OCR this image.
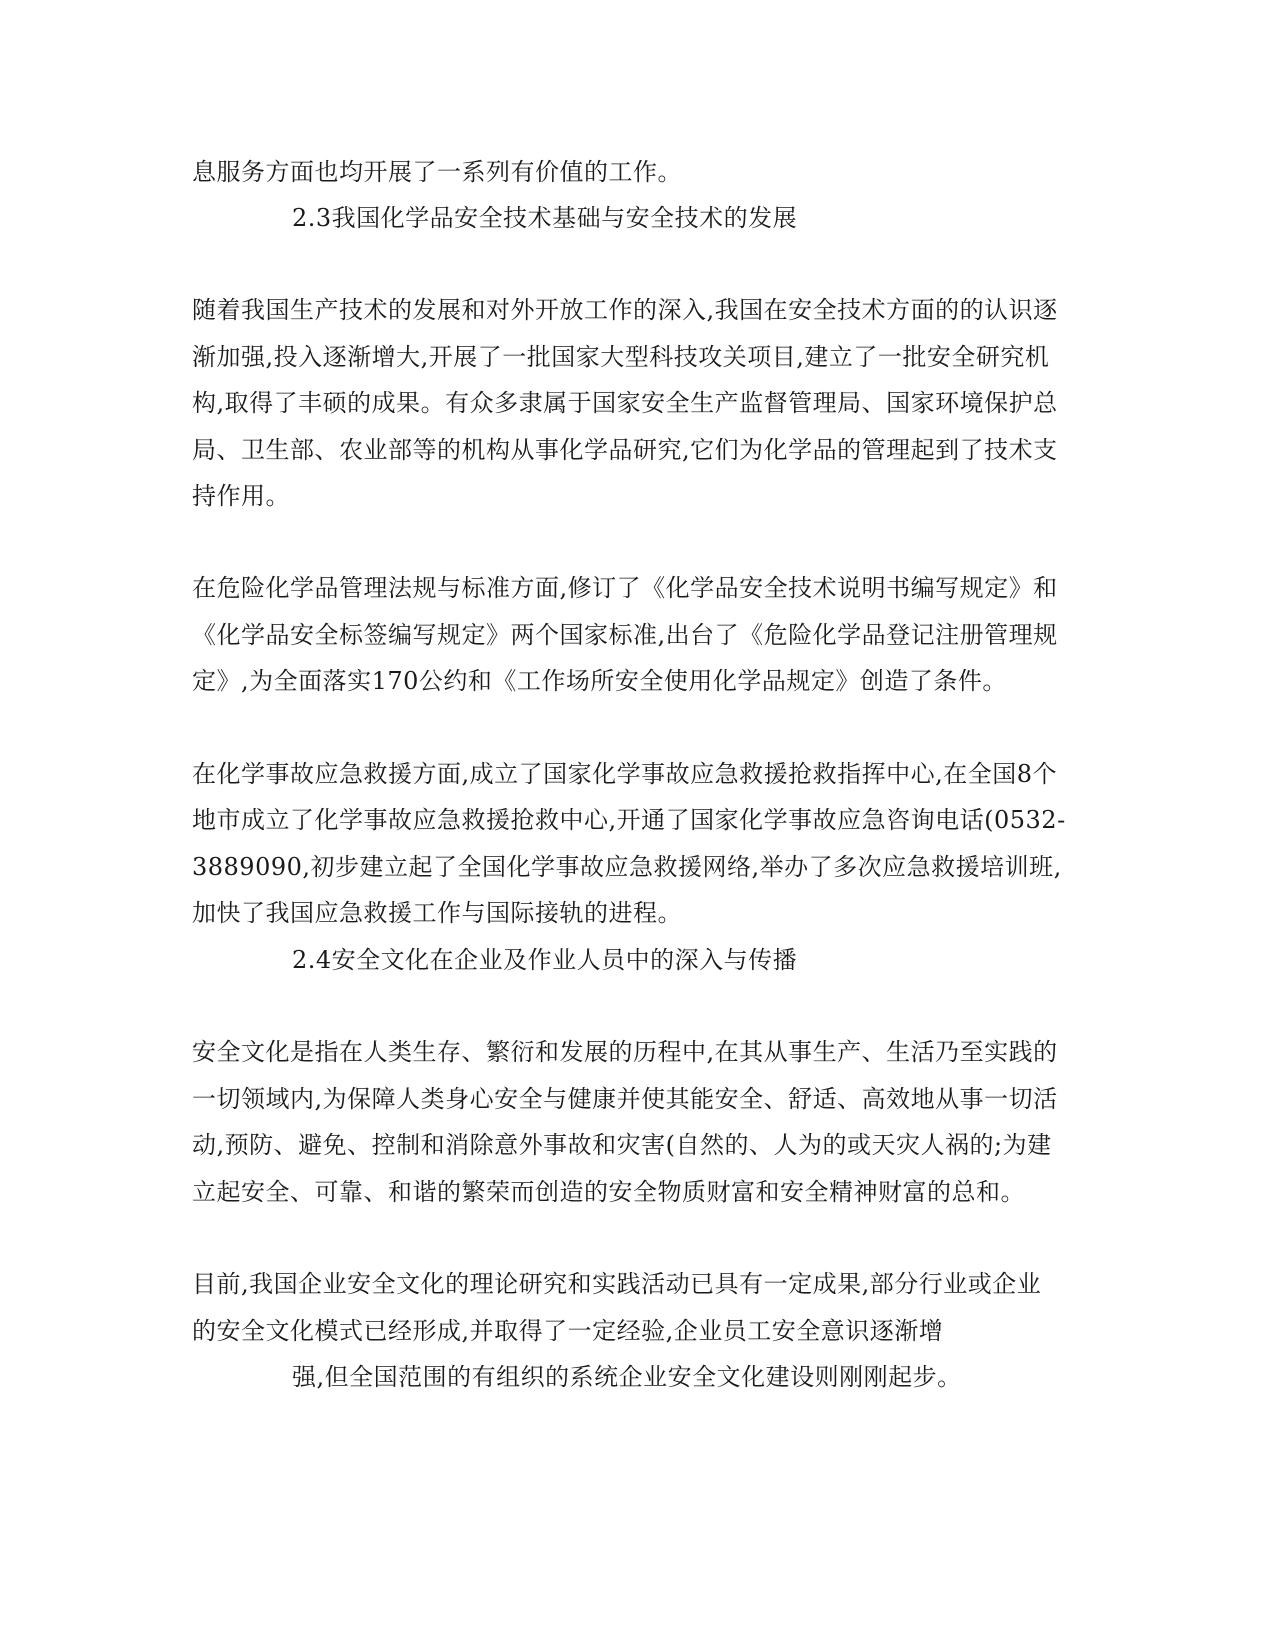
息服务方面也均开展了一系列有价值的工作。
2.3我国化学品安全技术基础与安全技术的发展
随着我国生产技术的发展和对外开放工作的深入,我国在安全技术方面的的认识逐
渐加强,投入逐渐增大,开展了一批国家大型科技攻关项目,建立了一批安全研究机
构,取得了丰硕的成果。有众多隶属于国家安全生产监督管理局、国家环境保护总
局、卫生部、农业部等的机构从事化学品研究,它们为化学品的管理起到了技术支
持作用。
在危险化学品管理法规与标准方面,修订了《化学品安全技术说明书编写规定》和
《化学品安全标签编写规定》两个国家标准,出台了《危险化学品登记注册管理规
定》,为全面落实170公约和《工作场所安全使用化学品规定》创造了条件。
在化学事故应急救援方面,成立了国家化学事故应急救援抢救指挥中心,在全国8个
地市成立了化学事故应急救援抢救中心,开通了国家化学事故应急咨询电话(0532-
3889090,初步建立起了全国化学事故应急救援网络,举办了多次应急救援培训班,
加快了我国应急救援工作与国际接轨的进程。
2.4安全文化在企业及作业人员中的深入与传播
安全文化是指在人类生存、繁衍和发展的历程中,在其从事生产、生活乃至实践的
一切领域内,为保障人类身心安全与健康并使其能安全、舒适、高效地从事一切活
动,预防、避免、控制和消除意外事故和灾害(自然的、人为的或天灾人祸的;为建
立起安全、可靠、和谐的繁荣而创造的安全物质财富和安全精神财富的总和。
目前,我国企业安全文化的理论研究和实践活动已具有一定成果,部分行业或企业
的安全文化模式已经形成,并取得了一定经验,企业员工安全意识逐渐增
强,但全国范围的有组织的系统企业安全文化建设则刚刚起步。
